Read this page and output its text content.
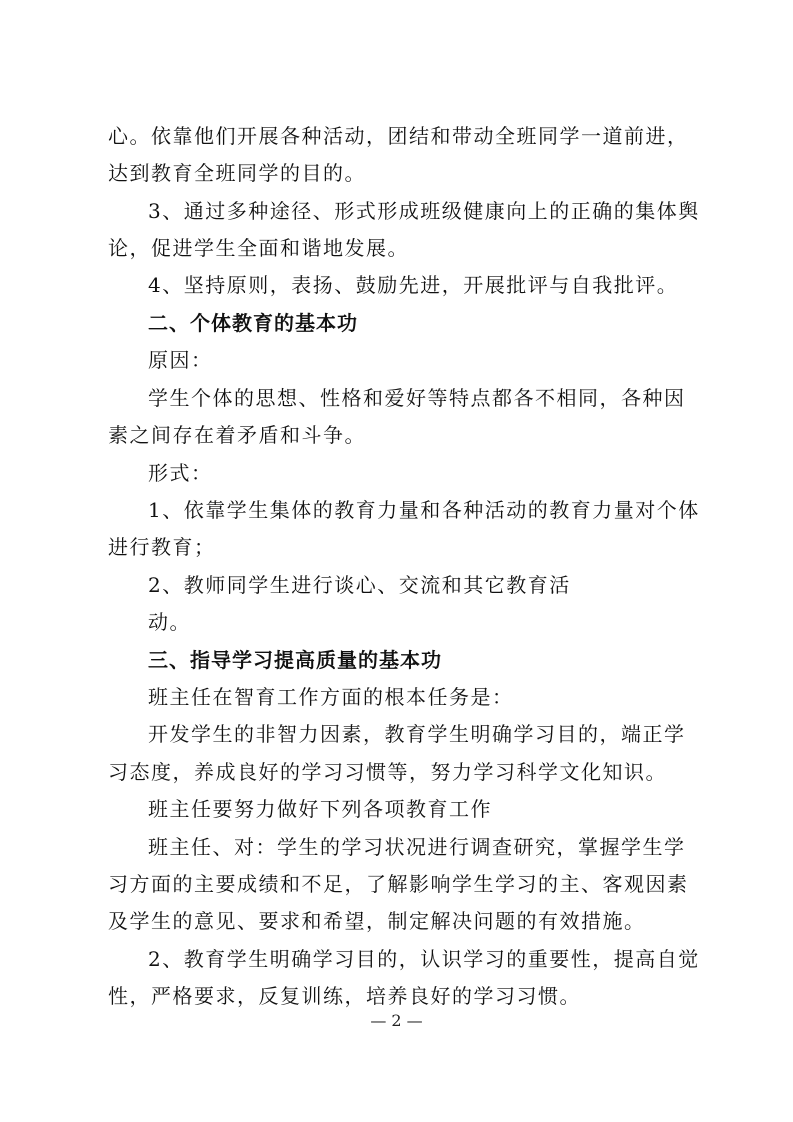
心。依靠他们开展各种活动，团结和带动全班同学一道前进，
达到教育全班同学的目的。
3、通过多种途径、形式形成班级健康向上的正确的集体舆
论，促进学生全面和谐地发展。
4、坚持原则，表扬、鼓励先进，开展批评与自我批评。
二、个体教育的基本功
原因：
学生个体的思想、性格和爱好等特点都各不相同，各种因
素之间存在着矛盾和斗争。
形式：
1、依靠学生集体的教育力量和各种活动的教育力量对个体
进行教育；
2、教师同学生进行谈心、交流和其它教育活
动。
三、指导学习提高质量的基本功
班主任在智育工作方面的根本任务是：
开发学生的非智力因素，教育学生明确学习目的，端正学
习态度，养成良好的学习习惯等，努力学习科学文化知识。
班主任要努力做好下列各项教育工作
班主任、对：学生的学习状况进行调查研究，掌握学生学
习方面的主要成绩和不足，了解影响学生学习的主、客观因素
及学生的意见、要求和希望，制定解决问题的有效措施。
2、教育学生明确学习目的，认识学习的重要性，提高自觉
性，严格要求，反复训练，培养良好的学习习惯。
— 2 —
